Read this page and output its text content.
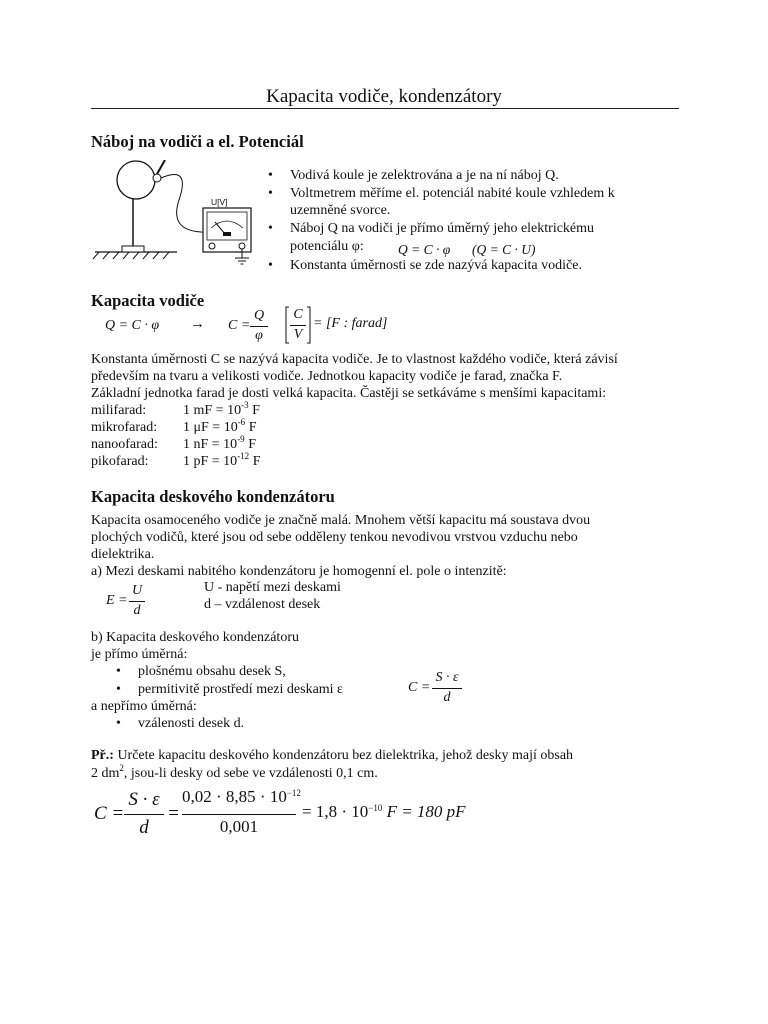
Kapacita vodiče, kondenzátory
Náboj na vodiči a el. Potenciál
U[V]
• Vodivá koule je zelektrována a je na ní náboj Q.
• Voltmetrem měříme el. potenciál nabité koule vzhledem k
uzemněné svorce.
• Náboj Q na vodiči je přímo úměrný jeho elektrickému
potenciálu φ:	Q = C · φ (Q = C · U)
• Konstanta úměrnosti se zde nazývá kapacita vodiče.
Kapacita vodiče
Q = C · φ → C =
Q
φ
C
V
= [F : farad]
Konstanta úměrnosti C se nazývá kapacita vodiče. Je to vlastnost každého vodiče, která závisí
především na tvaru a velikosti vodiče. Jednotkou kapacity vodiče je farad, značka F.
Základní jednotka farad je dosti velká kapacita. Častěji se setkáváme s menšími kapacitami:
milifarad:	1 mF = $10^{-3}$ F
mikrofarad: 1 $\mu F = 10^{-6}$ F
nanoofarad: 1 nF = $10^{-9}$ F
pikofarad: 1 pF = $10^{-12}$ F
Kapacita deskového kondenzátoru
Kapacita osamoceného vodiče je značně malá. Mnohem větší kapacitu má soustava dvou
plochých vodičů, které jsou od sebe odděleny tenkou nevodivou vrstvou vzduchu nebo
dielektrika.
a) Mezi deskami nabitého kondenzátoru je homogenní el. pole o intenzitě:
E =
U
d
U - napětí mezi deskami
d – vzdálenost desek
b) Kapacita deskového kondenzátoru
je přímo úměrná:
• plošnému obsahu desek S,
• permitivitě prostředí mezi deskami ε
a nepřímo úměrná:
• vzálenosti desek d.
C =
S · ε
d
Př.: Určete kapacitu deskového kondenzátoru bez dielektrika, jehož desky mají obsah
2 $dm^2$, jsou-li desky od sebe ve vzdálenosti 0,1 cm.
C =
S · ε
d
=
$0,02 \cdot 8,85 \cdot 10^{-12}$
0,001
= $1,8 \cdot 10^{-10}$ F = 180 pF
